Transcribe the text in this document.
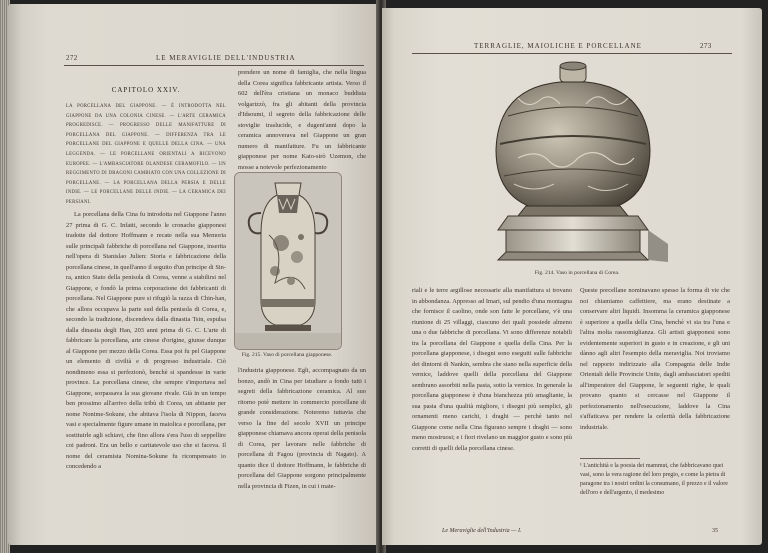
272	LE MERAVIGLIE DELL'INDUSTRIA
CAPITOLO XXIV.
LA PORCELLANA DEL GIAPPONE. — È INTRODOTTA NEL GIAPPONE DA UNA COLONIA CINESE. — L'ARTE CERAMICA PROGREDISCE. — PROGRESSO DELLE MANIFATTURE DI PORCELLANA DEL GIAPPONE. — DIFFERENZA TRA LE PORCELLANE DEL GIAPPONE E QUELLE DELLA CINA. — UNA LEGGENDA. — LE PORCELLANE ORIENTALI A RICEVONO EUROPEE. — L'AMBASCIATORE OLANDESE CERAMOFILO. — UN REGGIMENTO DI DRAGONI CAMBIATO CON UNA COLLEZIONE DI PORCELLANE. — LA PORCELLANA DELLA PERSIA E DELLE INDIE. — LE PORCELLANE DELLE INDIE. — LA CERAMICA DEI PERSIANI.
La porcellana della Cina fu introdotta nel Giappone l'anno 27 prima di G. C. Infatti, secondo le cronache giapponesi tradotte dal dottore Hoffmann e recate nella sua Memoria sulle principali fabbriche di porcellana nel Giappone, inserita nell'opera di Stanislao Julien: Storia e fabbricazione della porcellana cinese, in quell'anno il seguito d'un principe di Sin-ra, antico Stato della penisola di Corea, venne a stabilirsi nel Giappone, e fondò la prima corporazione dei fabbricanti di porcellana. Nel Giappone pure si rifugiò la razza di Chin-han, che allora occupava la parte sud della penisola di Corea, e, secondo la tradizione, discendeva dalla dinastia Tsin, espulsa dalla dinastia degli Han, 203 anni prima di G. C. L'arte di fabbricare la porcellana, arte cinese d'origine, giunse dunque al Giappone per mezzo della Corea. Essa poi fu pel Giappone un elemento di civiltà e di progresso industriale. Ciò nondimeno essa si perfezionò, benchè si spandesse in varie province. La porcellana cinese, che sempre s'importava nel Giappone, sorpassava la sua giovane rivale. Già in un tempo ben prossimo all'arrivo della tribù di Corea, un abitante per nome Nonime-Sokune, che abitava l'isola di Nippon, faceva vasi e specialmente figure umane in maiolica e porcellana, per sostituirle agli schiavi, che fino allora s'era l'uso di seppellire coi padroni. Era un bello e caritatevole uso che si faceva. Il nome del ceramista Nomina-Sokune fu ricompensato io concedendo a
prendere un nome di famiglia, che nella lingua della Corea significa fabbricante artista. Verso il 602 dell'èra cristiana un monaco buddista volgarizzò, fra gli abitanti della provincia d'Idsoumi, il segreto della fabbricazione delle stoviglie traslucide, e dugent'anni dopo la ceramica annoverava nel Giappone un gran numero di manifatture. Fu un fabbricante giapponese per nome Kato-sirò Uzemon, che mosse a notevole perfezionamento
Fig. 215. Vaso di porcellana giapponese.
l'industria giapponese. Egli, accompagnato da un bonzo, andò in Cina per istudiare a fondo tutti i segreti della fabbricazione ceramica. Al suo ritorno potè mettere in commercio porcellane di grande considerazione. Noteremo tuttavia che verso la fine del secolo XVII un principe giapponese chiamava ancora operai della penisola di Corea, per lavorare nelle fabbriche di porcellana di Fagou (provincia di Nagato). A quanto dice il dottore Hoffmann, le fabbriche di porcellana del Giappone sorgono principalmente nella provincia di Fizen, in cui i mate-
TERRAGLIE, MAIOLICHE E PORCELLANE	273
Fig. 214. Vaso in porcellana di Corea.
riali e le terre argillose necessarie alla manifattura si trovano in abbondanza. Appresso ad Imari, sul pendio d'una montagna che fornisce il caolino, onde son fatte le porcellane, v'è una riunione di 25 villaggi, ciascuno dei quali possiede almeno una o due fabbriche di porcellana. Vi sono differenze notabili tra la porcellana del Giappone e quella della Cina. Per la porcellana giapponese, i disegni sono eseguiti sulle fabbriche dei dintorni di Nankin, sembra che siano nella superficie della vernice, laddove quelli della porcellana del Giappone sembrano assorbiti nella pasta, sotto la vernice. In generale la porcellana giapponese è d'una bianchezza più smagliante, la sua pasta d'una qualità migliore, i disegni più semplici, gli ornamenti meno carichi, i draghi — perchè tanto nel Giappone come nella Cina figurano sempre i draghi — sono meno mostruosi; e i fiori rivelano un maggior gusto e sono più corretti di quelli della porcellana cinese.
Queste porcellane nominavano spesso la forma di vie che noi chiamiamo caffettiere, ma erano destinate a conservare altri liquidi. Insomma la ceramica giapponese è superiore a quella della Cina, benchè vi sia tra l'una e l'altra molta rassomiglianza. Gli artisti giapponesi sono evidentemente superiori in gusto e in creazione, e gli uni dànno agli altri l'esempio della meraviglia. Noi troviamo nel rapporto indirizzato alla Compagnia delle Indie Orientali delle Provincie Unite, dagli ambasciatori spediti all'imperatore del Giappone, le seguenti righe, le quali provano quanto si cercasse nel Giappone il perfezionamento nell'esecuzione, laddove la Cina s'affaticava per rendere la celerità della fabbricazione industriale.
¹ L'antichità e la poesia dei mammut, che fabbricavano quei vasi, sono la vera ragione del loro pregio, e come la pietra di paragone tra i nostri ordini la consumano, il prezzo e il valore dell'oro e dell'argento, il medesimo
Le Meraviglie dell'Industria — I.	35
